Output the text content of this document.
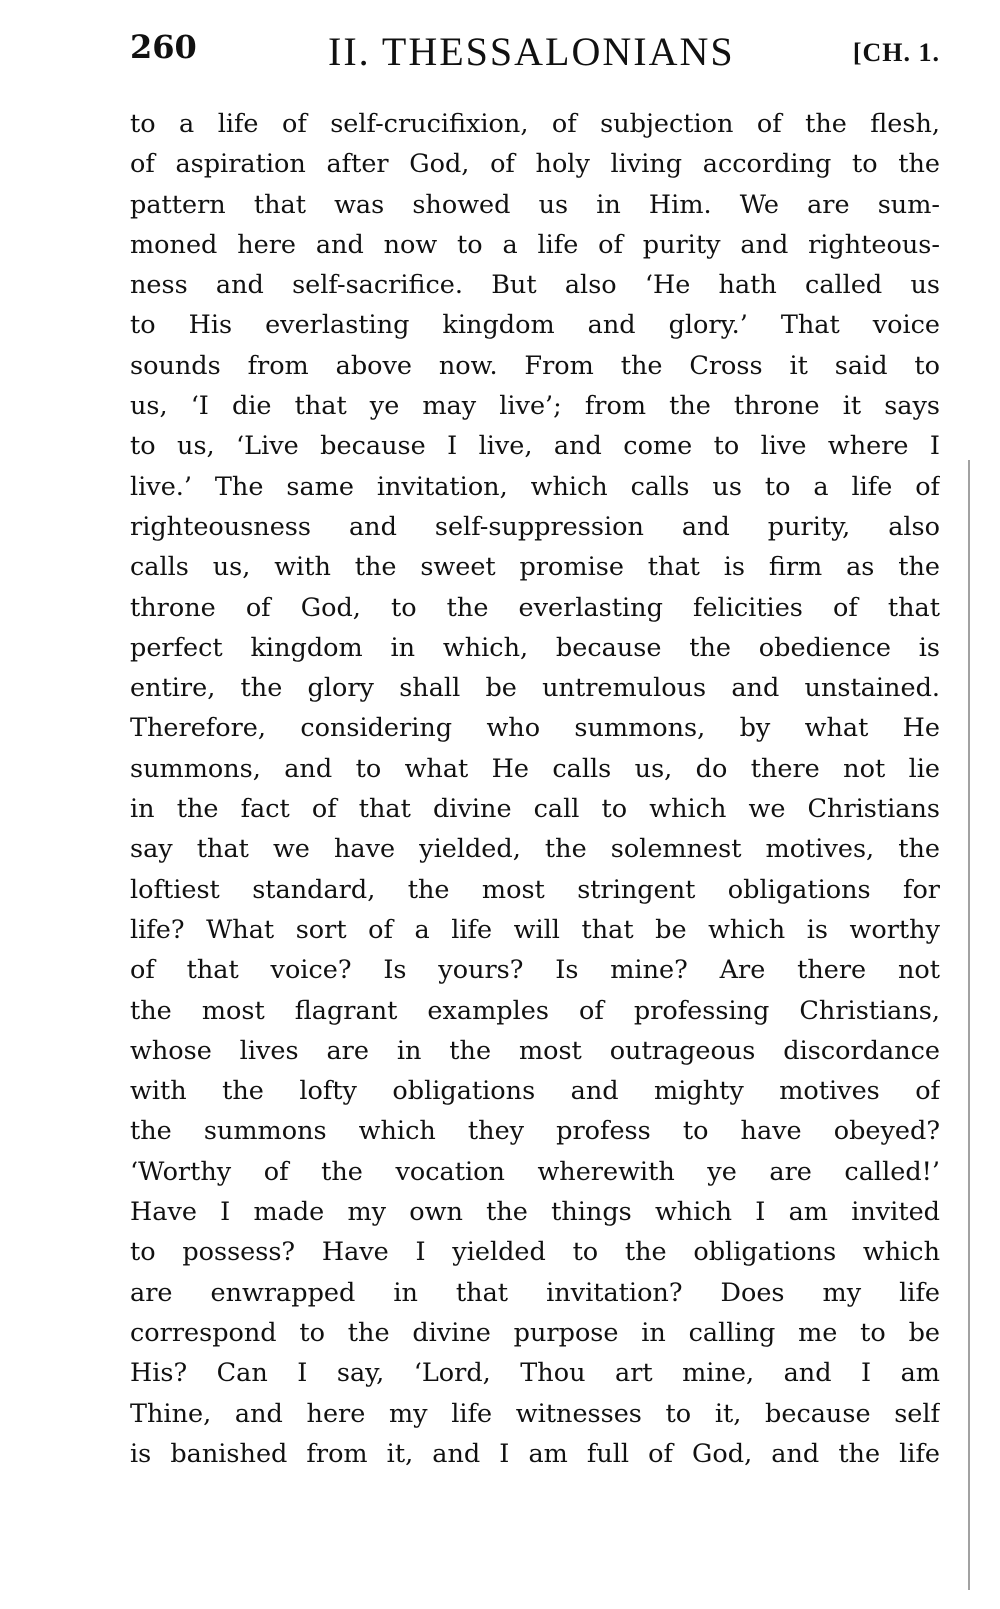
260	II. THESSALONIANS	[CH. 1.
to a life of self-crucifixion, of subjection of the flesh,
of aspiration after God, of holy living according to the
pattern that was showed us in Him. We are sum-
moned here and now to a life of purity and righteous-
ness and self-sacrifice. But also ‘He hath called us
to His everlasting kingdom and glory.’ That voice
sounds from above now. From the Cross it said to
us, ‘I die that ye may live’; from the throne it says
to us, ‘Live because I live, and come to live where I
live.’ The same invitation, which calls us to a life of
righteousness and self-suppression and purity, also
calls us, with the sweet promise that is firm as the
throne of God, to the everlasting felicities of that
perfect kingdom in which, because the obedience is
entire, the glory shall be untremulous and unstained.
Therefore, considering who summons, by what He
summons, and to what He calls us, do there not lie
in the fact of that divine call to which we Christians
say that we have yielded, the solemnest motives, the
loftiest standard, the most stringent obligations for
life? What sort of a life will that be which is worthy
of that voice? Is yours? Is mine? Are there not
the most flagrant examples of professing Christians,
whose lives are in the most outrageous discordance
with the lofty obligations and mighty motives of
the summons which they profess to have obeyed?
‘Worthy of the vocation wherewith ye are called!’
Have I made my own the things which I am invited
to possess? Have I yielded to the obligations which
are enwrapped in that invitation? Does my life
correspond to the divine purpose in calling me to be
His? Can I say, ‘Lord, Thou art mine, and I am
Thine, and here my life witnesses to it, because self
is banished from it, and I am full of God, and the life
